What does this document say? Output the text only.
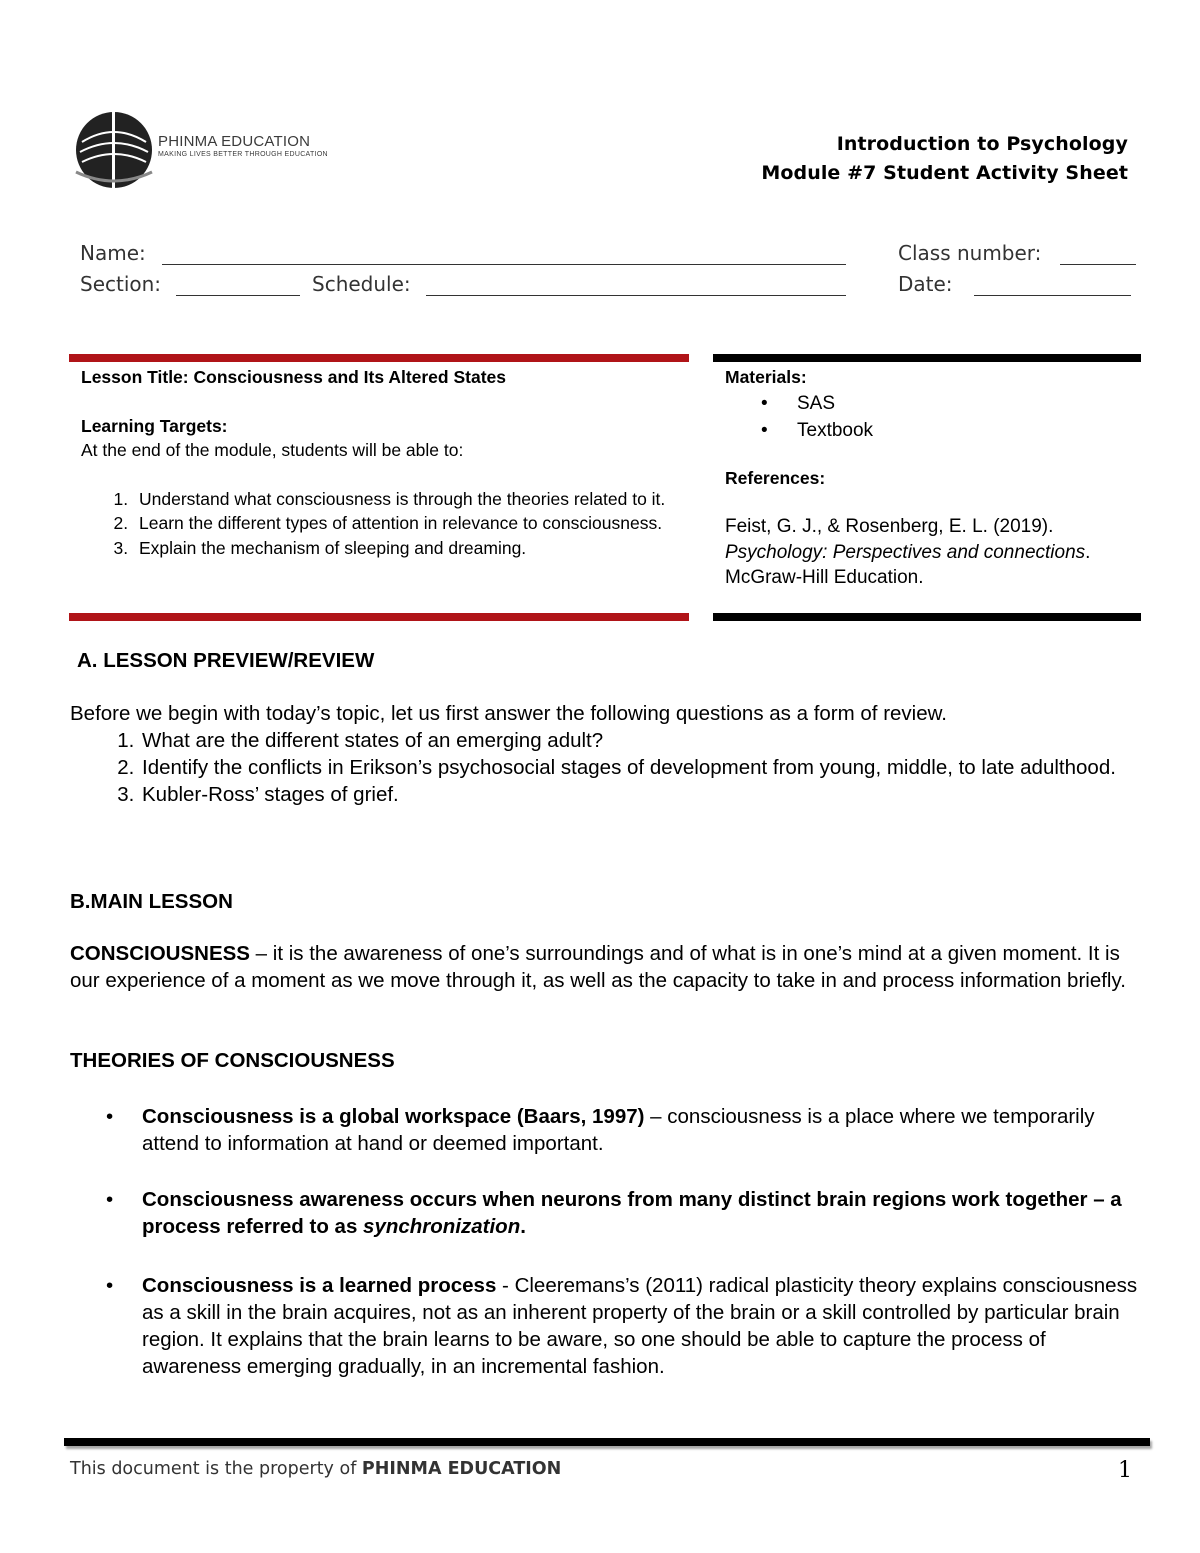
PHINMA EDUCATION
MAKING LIVES BETTER THROUGH EDUCATION	Introduction to Psychology
Module #7 Student Activity Sheet
Name:	Class number:
Section:	Schedule:	Date:
Lesson Title: Consciousness and Its Altered States
Learning Targets:
At the end of the module, students will be able to:
1. Understand what consciousness is through the theories related to it.
2. Learn the different types of attention in relevance to consciousness.
3. Explain the mechanism of sleeping and dreaming.
Materials:
• SAS
• Textbook
References:
Feist, G. J., & Rosenberg, E. L. (2019). Psychology: Perspectives and connections. McGraw-Hill Education.
A. LESSON PREVIEW/REVIEW
Before we begin with today’s topic, let us first answer the following questions as a form of review.
1. What are the different states of an emerging adult?
2. Identify the conflicts in Erikson’s psychosocial stages of development from young, middle, to late adulthood.
3. Kubler-Ross’ stages of grief.
B.MAIN LESSON
CONSCIOUSNESS – it is the awareness of one’s surroundings and of what is in one’s mind at a given moment. It is our experience of a moment as we move through it, as well as the capacity to take in and process information briefly.
THEORIES OF CONSCIOUSNESS
• Consciousness is a global workspace (Baars, 1997) – consciousness is a place where we temporarily attend to information at hand or deemed important.
• Consciousness awareness occurs when neurons from many distinct brain regions work together – a process referred to as synchronization.
• Consciousness is a learned process - Cleeremans’s (2011) radical plasticity theory explains consciousness as a skill in the brain acquires, not as an inherent property of the brain or a skill controlled by particular brain region. It explains that the brain learns to be aware, so one should be able to capture the process of awareness emerging gradually, in an incremental fashion.
This document is the property of PHINMA EDUCATION	1
